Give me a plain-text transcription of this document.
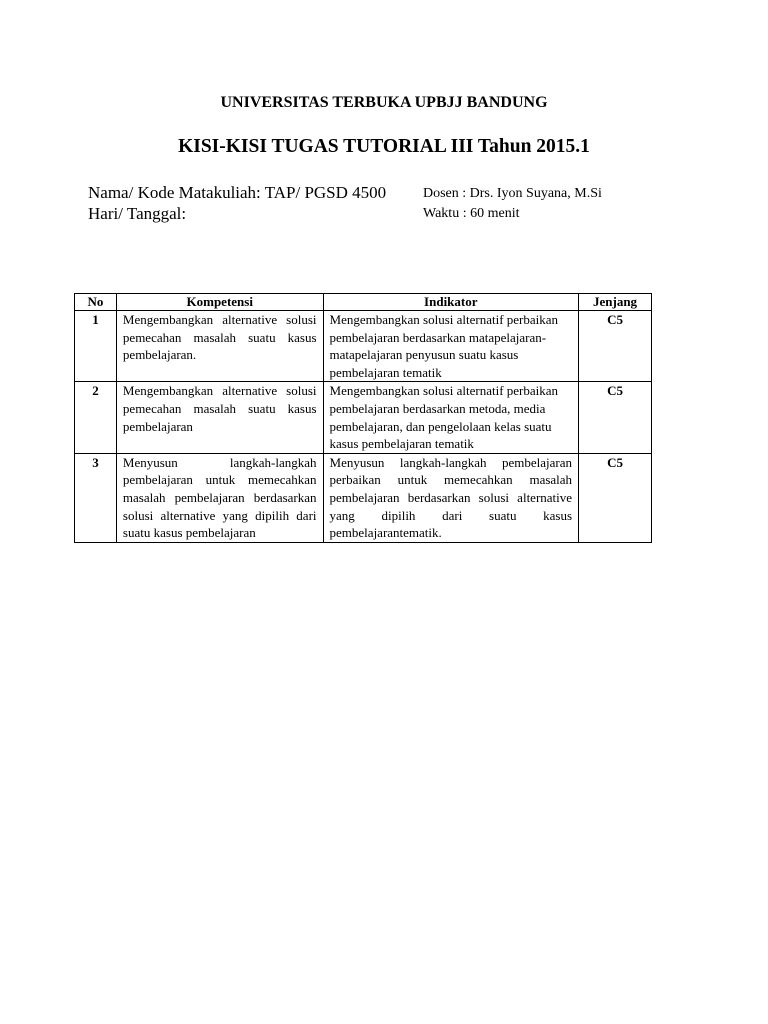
UNIVERSITAS TERBUKA UPBJJ BANDUNG
KISI-KISI TUGAS TUTORIAL III Tahun 2015.1
Nama/ Kode Matakuliah: TAP/ PGSD 4500
Hari/ Tanggal:
Dosen : Drs. Iyon Suyana, M.Si
Waktu : 60 menit
No	Kompetensi	Indikator	Jenjang
1	Mengembangkan alternative solusi pemecahan masalah suatu kasus pembelajaran.	Mengembangkan solusi alternatif perbaikan pembelajaran berdasarkan matapelajaran-matapelajaran penyusun suatu kasus pembelajaran tematik	C5
2	Mengembangkan alternative solusi pemecahan masalah suatu kasus pembelajaran	Mengembangkan solusi alternatif perbaikan pembelajaran berdasarkan metoda, media pembelajaran, dan pengelolaan kelas suatu kasus pembelajaran tematik	C5
3	Menyusun langkah-langkah pembelajaran untuk memecahkan masalah pembelajaran berdasarkan solusi alternative yang dipilih dari suatu kasus pembelajaran	Menyusun langkah-langkah pembelajaran perbaikan untuk memecahkan masalah pembelajaran berdasarkan solusi alternative yang dipilih dari suatu kasus pembelajarantematik.	C5
